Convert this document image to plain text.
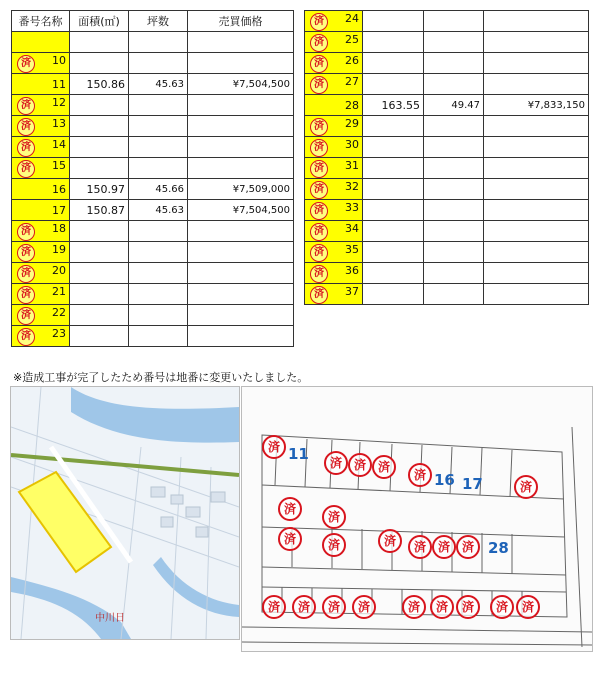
番号名称	面積(㎡)	坪数	売買価格

済 10			
11	150.86	45.63	¥7,504,500

済 12			

済 13			

済 14			

済 15			
16	150.97	45.66	¥7,509,000
17	150.87	45.63	¥7,504,500

済 18			

済 19			

済 20			

済 21			

済 22			

済 23			
済 24			

済 25			

済 26			

済 27			
28	163.55	49.47	¥7,833,150

済 29			

済 30			

済 31			

済 32			

済 33			

済 34			

済 35			

済 36			

済 37			
※造成工事が完了したため番号は地番に変更いたしました。
中川日
11
16 17
28
済
済 済 済
済
済
済
済
済	済	済	済 済 済
済	済	済	済	済	済	済	済	済
